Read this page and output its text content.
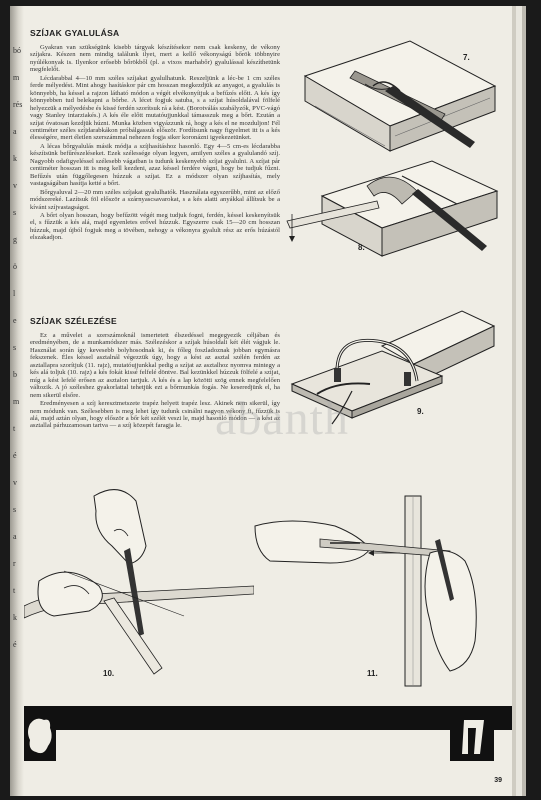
bó
m
rés
a
k
v
s
g
ö
l
e
s
b
m
t
é
v
s
a
r
t
k
é
SZÍJAK GYALULÁSA

Gyakran van szükségünk kisebb tárgyak készítésekor nem csak keskeny, de vékony szíjakra. Készen nem mindig találunk ilyet, mert a kellő vékonyságú bőrök többnyire nyúlékonyak is. Ilyenkor erősebb bőrökből (pl. a vixos marhabőr) gyalulással készíthetünk megfelelőt.

Lécdarabbal 4—10 mm széles szíjakat gyalulhatunk. Reszeljünk a léc-be 1 cm széles ferde mélyedést. Mint ahogy hasításkor pár cm hosszan megkezdjük az anyagot, a gyalulás is könnyebb, ha késsel a rajzon látható módon a végét elvékonyítjuk a befűzés előtt. A kés így könnyebben tud belekapni a bőrbe. A lécet fogjuk satuba, s a szíjat húsoldalával fölfelé helyezzük a mélyedésbe és kissé ferdén szorítsuk rá a kést. (Borotválás szabályzók, PVC-vágó vagy Stanley intarziakés.) A kés éle előtt mutatóujjunkkal támasszuk meg a bőrt. Ezután a szíjat óvatosan kezdjük húzni. Munka közben vigyázzunk rá, hogy a kés el ne mozduljon! Fél centiméter széles szíjdarabkákon próbálgassuk először. Fordítsunk nagy figyelmet itt is a kés élességére, mert életlen szerszámmal nehezen fogja siker koronázni igyekezetünket.

A lécas bőrgyalulás másik módja a szíjhasításhoz hasonló. Egy 4—5 cm-es lécdarabba készítsünk befűrészeléseket. Ezek szélessége olyan legyen, amilyen széles a gyalulandó szíj. Nagyobb odafigyeléssel szélesebb vágatban is tudunk keskenyebb szíjat gyalulni. A szíjat pár centiméter hosszan itt is meg kell kezdeni, azaz késsel ferdére vágni, hogy be tudjuk fűzni. Befűzés után függőlegesen húzzuk a szíjat. Ez a módszer olyan szíjhasítás, mely vastagságában hasítja ketté a bőrt.

Bőrgyaluval 2—20 mm széles szíjakat gyalulhatók. Használata egyszerűbb, mint az előző módszereké. Lazítsuk föl először a szárnyascsavarokat, s a kés alatti anyákkal állítsuk be a kívánt szíjvastagságot.

A bőrt olyan hosszan, hogy befűzött végét meg tudjuk fogni, ferdén, késsel keskenyítsük el, s fűzzük a kés alá, majd egyenletes erővel húzzuk. Egyszerre csak 15—20 cm hosszan húzzuk, majd újból fogjuk meg a tövében, nehogy a vékonyra gyalult rész az erős húzástól elszakadjon.

SZÍJAK SZÉLEZÉSE

Ez a művelet a szerszámoknál ismertetett élszedéssel megegyezik céljában és eredményében, de a munkamódszer más. Szélezéskor a szíjak húsoldali két élét vágjuk le. Használat során így kevesebb bolyhosodnak ki, és főleg foszladoznak jobban egymásra fekszenek. Éles késsel asztalnál végezzük úgy, hogy a kést az asztal szélén ferdén az asztallapra szorítjuk (11. rajz), mutatóujjunkkal pedig a szíjat az asztalhoz nyomva mintegy a kés alá toljuk (10. rajz) a kés fokát kissé felfelé döntve. Bal kezünkkel húzzuk fölfelé a szíjat, míg a kést lefelé erősen az asztalon tartjuk. A kés és a lap közötti szög ennek megfelelően változik. A jó széleshez gyakorlattal tehetjük ezt a bőrmunkás fogás. Ne keseredjünk el, ha nem sikerül elsőre.

Eredményesen a szíj keresztmetszete trapéz helyett trapéz lesz. Akinek nem sikerül, így nem módunk van. Szélesebben is meg lehet így tudunk csinálni nagyon vékony fi, fűzzük is alá, majd aztán olyan, hogy először a bőr két szélét veszi le, majd hasonló módon — a kést az asztallal párhuzamosan tartva — a szíj közepét faragja le.

7.
8.
9.
abanth
10.	11.
39
